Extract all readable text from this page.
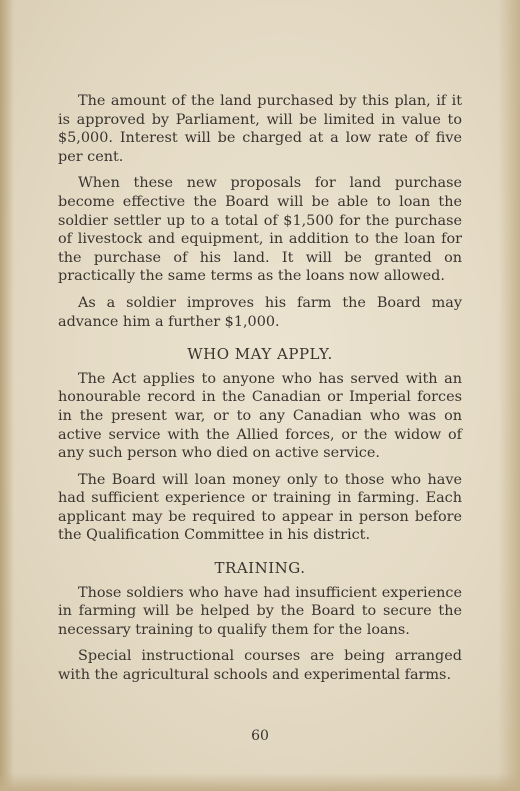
The amount of the land purchased by this plan, if it is approved by Parliament, will be limited in value to $5,000. Interest will be charged at a low rate of five per cent.

When these new proposals for land purchase become effective the Board will be able to loan the soldier settler up to a total of $1,500 for the purchase of livestock and equipment, in addition to the loan for the purchase of his land. It will be granted on practically the same terms as the loans now allowed.

As a soldier improves his farm the Board may advance him a further $1,000.

WHO MAY APPLY.

The Act applies to anyone who has served with an honourable record in the Canadian or Imperial forces in the present war, or to any Canadian who was on active service with the Allied forces, or the widow of any such person who died on active service.

The Board will loan money only to those who have had sufficient experience or training in farming. Each applicant may be required to appear in person before the Qualification Committee in his district.

TRAINING.

Those soldiers who have had insufficient experience in farming will be helped by the Board to secure the necessary training to qualify them for the loans.

Special instructional courses are being arranged with the agricultural schools and experimental farms.

60
